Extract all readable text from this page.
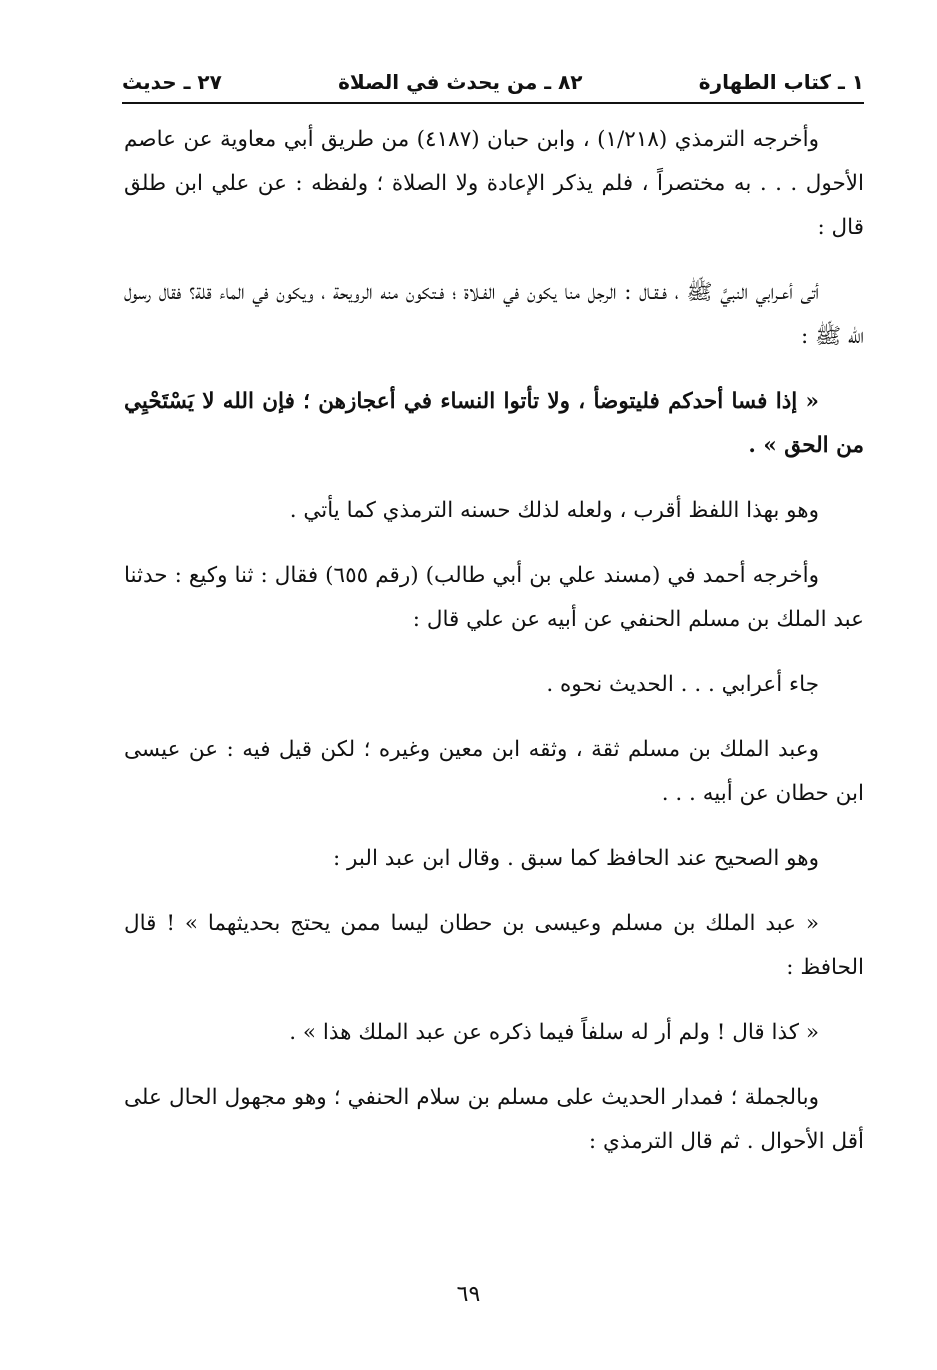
١ ـ كتاب الطهارة
٨٢ ـ من يحدث في الصلاة
٢٧ ـ حديث

وأخرجه الترمذي (١/٢١٨) ، وابن حبان (٤١٨٧) من طريق أبي معاوية عن عاصم الأحول . . . به مختصراً ، فلم يذكر الإعادة ولا الصلاة ؛ ولفظه : عن علي ابن طلق قال :

أتى أعـرابي النبيَّ ﷺ ، فـقـال : الرجل منا يكون في الفـلاة ؛ فـتكون منه الرويحة ، ويكون في الماء قلة؟ فقال رسول الله ﷺ :

« إذا فسا أحدكم فليتوضأ ، ولا تأتوا النساء في أعجازهن ؛ فإن الله لا يَسْتَحْيِي من الحق » .

وهو بهذا اللفظ أقرب ، ولعله لذلك حسنه الترمذي كما يأتي .

وأخرجه أحمد في (مسند علي بن أبي طالب) (رقم ٦٥٥) فقال : ثنا وكيع : حدثنا عبد الملك بن مسلم الحنفي عن أبيه عن علي قال :

جاء أعرابي . . . الحديث نحوه .

وعبد الملك بن مسلم ثقة ، وثقه ابن معين وغيره ؛ لكن قيل فيه : عن عيسى ابن حطان عن أبيه . . .

وهو الصحيح عند الحافظ كما سبق . وقال ابن عبد البر :

« عبد الملك بن مسلم وعيسى بن حطان ليسا ممن يحتج بحديثهما » ! قال الحافظ :

« كذا قال ! ولم أر له سلفاً فيما ذكره عن عبد الملك هذا » .

وبالجملة ؛ فمدار الحديث على مسلم بن سلام الحنفي ؛ وهو مجهول الحال على أقل الأحوال . ثم قال الترمذي :

٦٩
